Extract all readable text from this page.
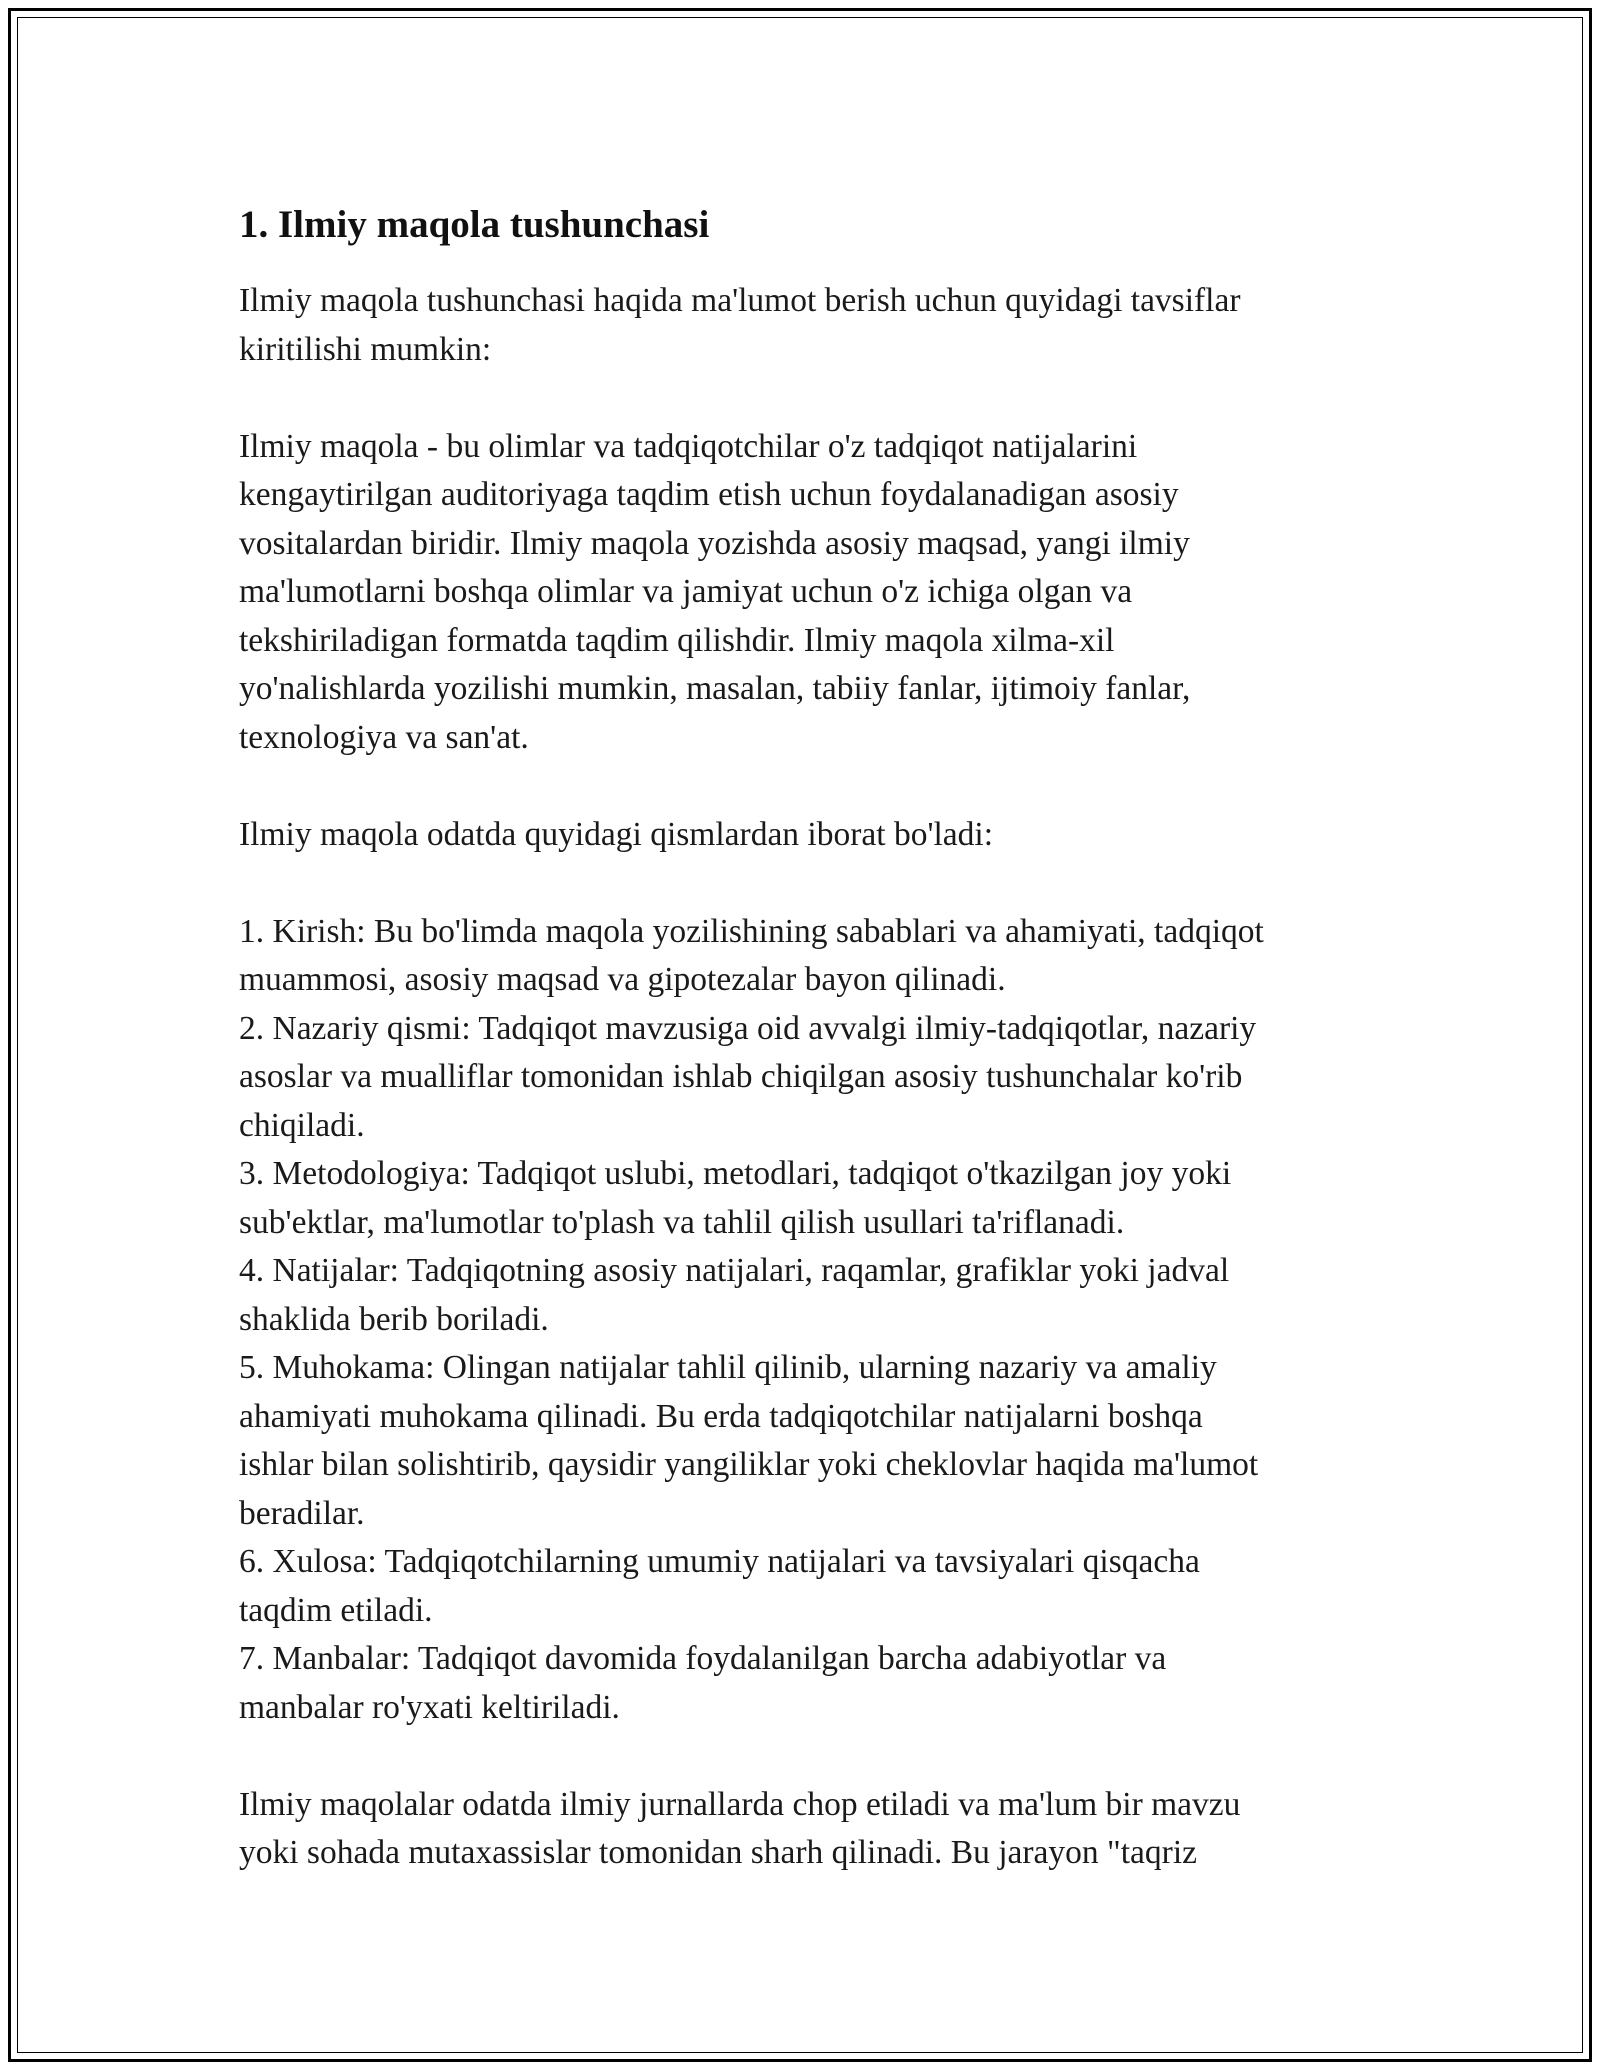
1. Ilmiy maqola tushunchasi

Ilmiy maqola tushunchasi haqida ma'lumot berish uchun quyidagi tavsiflar
kiritilishi mumkin:

Ilmiy maqola - bu olimlar va tadqiqotchilar o'z tadqiqot natijalarini
kengaytirilgan auditoriyaga taqdim etish uchun foydalanadigan asosiy
vositalardan biridir. Ilmiy maqola yozishda asosiy maqsad, yangi ilmiy
ma'lumotlarni boshqa olimlar va jamiyat uchun o'z ichiga olgan va
tekshiriladigan formatda taqdim qilishdir. Ilmiy maqola xilma-xil
yo'nalishlarda yozilishi mumkin, masalan, tabiiy fanlar, ijtimoiy fanlar,
texnologiya va san'at.

Ilmiy maqola odatda quyidagi qismlardan iborat bo'ladi:

1. Kirish: Bu bo'limda maqola yozilishining sabablari va ahamiyati, tadqiqot
muammosi, asosiy maqsad va gipotezalar bayon qilinadi.
2. Nazariy qismi: Tadqiqot mavzusiga oid avvalgi ilmiy-tadqiqotlar, nazariy
asoslar va mualliflar tomonidan ishlab chiqilgan asosiy tushunchalar ko'rib
chiqiladi.
3. Metodologiya: Tadqiqot uslubi, metodlari, tadqiqot o'tkazilgan joy yoki
sub'ektlar, ma'lumotlar to'plash va tahlil qilish usullari ta'riflanadi.
4. Natijalar: Tadqiqotning asosiy natijalari, raqamlar, grafiklar yoki jadval
shaklida berib boriladi.
5. Muhokama: Olingan natijalar tahlil qilinib, ularning nazariy va amaliy
ahamiyati muhokama qilinadi. Bu erda tadqiqotchilar natijalarni boshqa
ishlar bilan solishtirib, qaysidir yangiliklar yoki cheklovlar haqida ma'lumot
beradilar.
6. Xulosa: Tadqiqotchilarning umumiy natijalari va tavsiyalari qisqacha
taqdim etiladi.
7. Manbalar: Tadqiqot davomida foydalanilgan barcha adabiyotlar va
manbalar ro'yxati keltiriladi.

Ilmiy maqolalar odatda ilmiy jurnallarda chop etiladi va ma'lum bir mavzu
yoki sohada mutaxassislar tomonidan sharh qilinadi. Bu jarayon "taqriz
